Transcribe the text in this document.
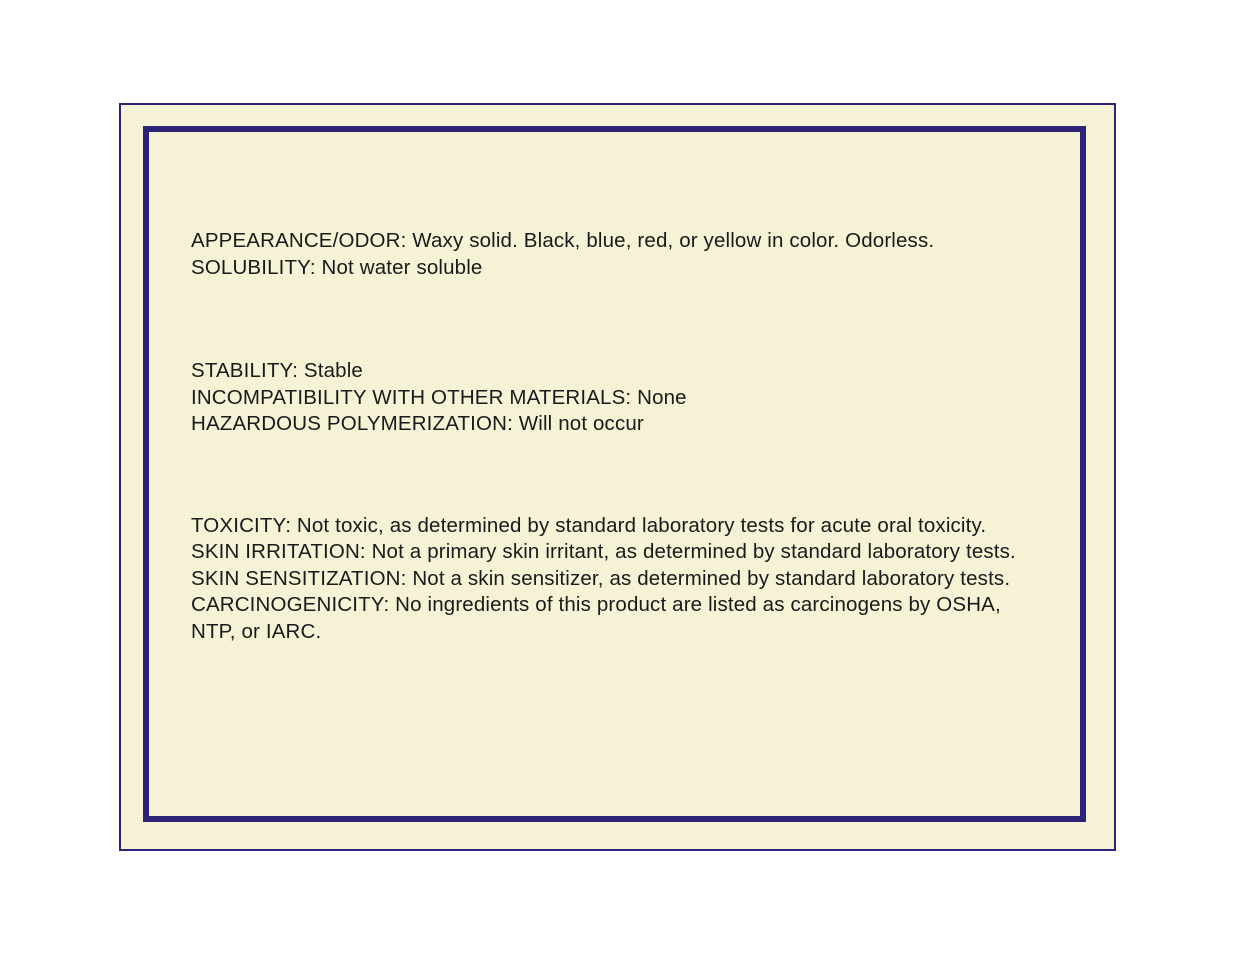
APPEARANCE/ODOR: Waxy solid. Black, blue, red, or yellow in color. Odorless.

SOLUBILITY: Not water soluble

STABILITY: Stable

INCOMPATIBILITY WITH OTHER MATERIALS: None

HAZARDOUS POLYMERIZATION: Will not occur

TOXICITY: Not toxic, as determined by standard laboratory tests for acute oral toxicity.

SKIN IRRITATION: Not a primary skin irritant, as determined by standard laboratory tests.

SKIN SENSITIZATION: Not a skin sensitizer, as determined by standard laboratory tests.

CARCINOGENICITY: No ingredients of this product are listed as carcinogens by OSHA, NTP, or IARC.
